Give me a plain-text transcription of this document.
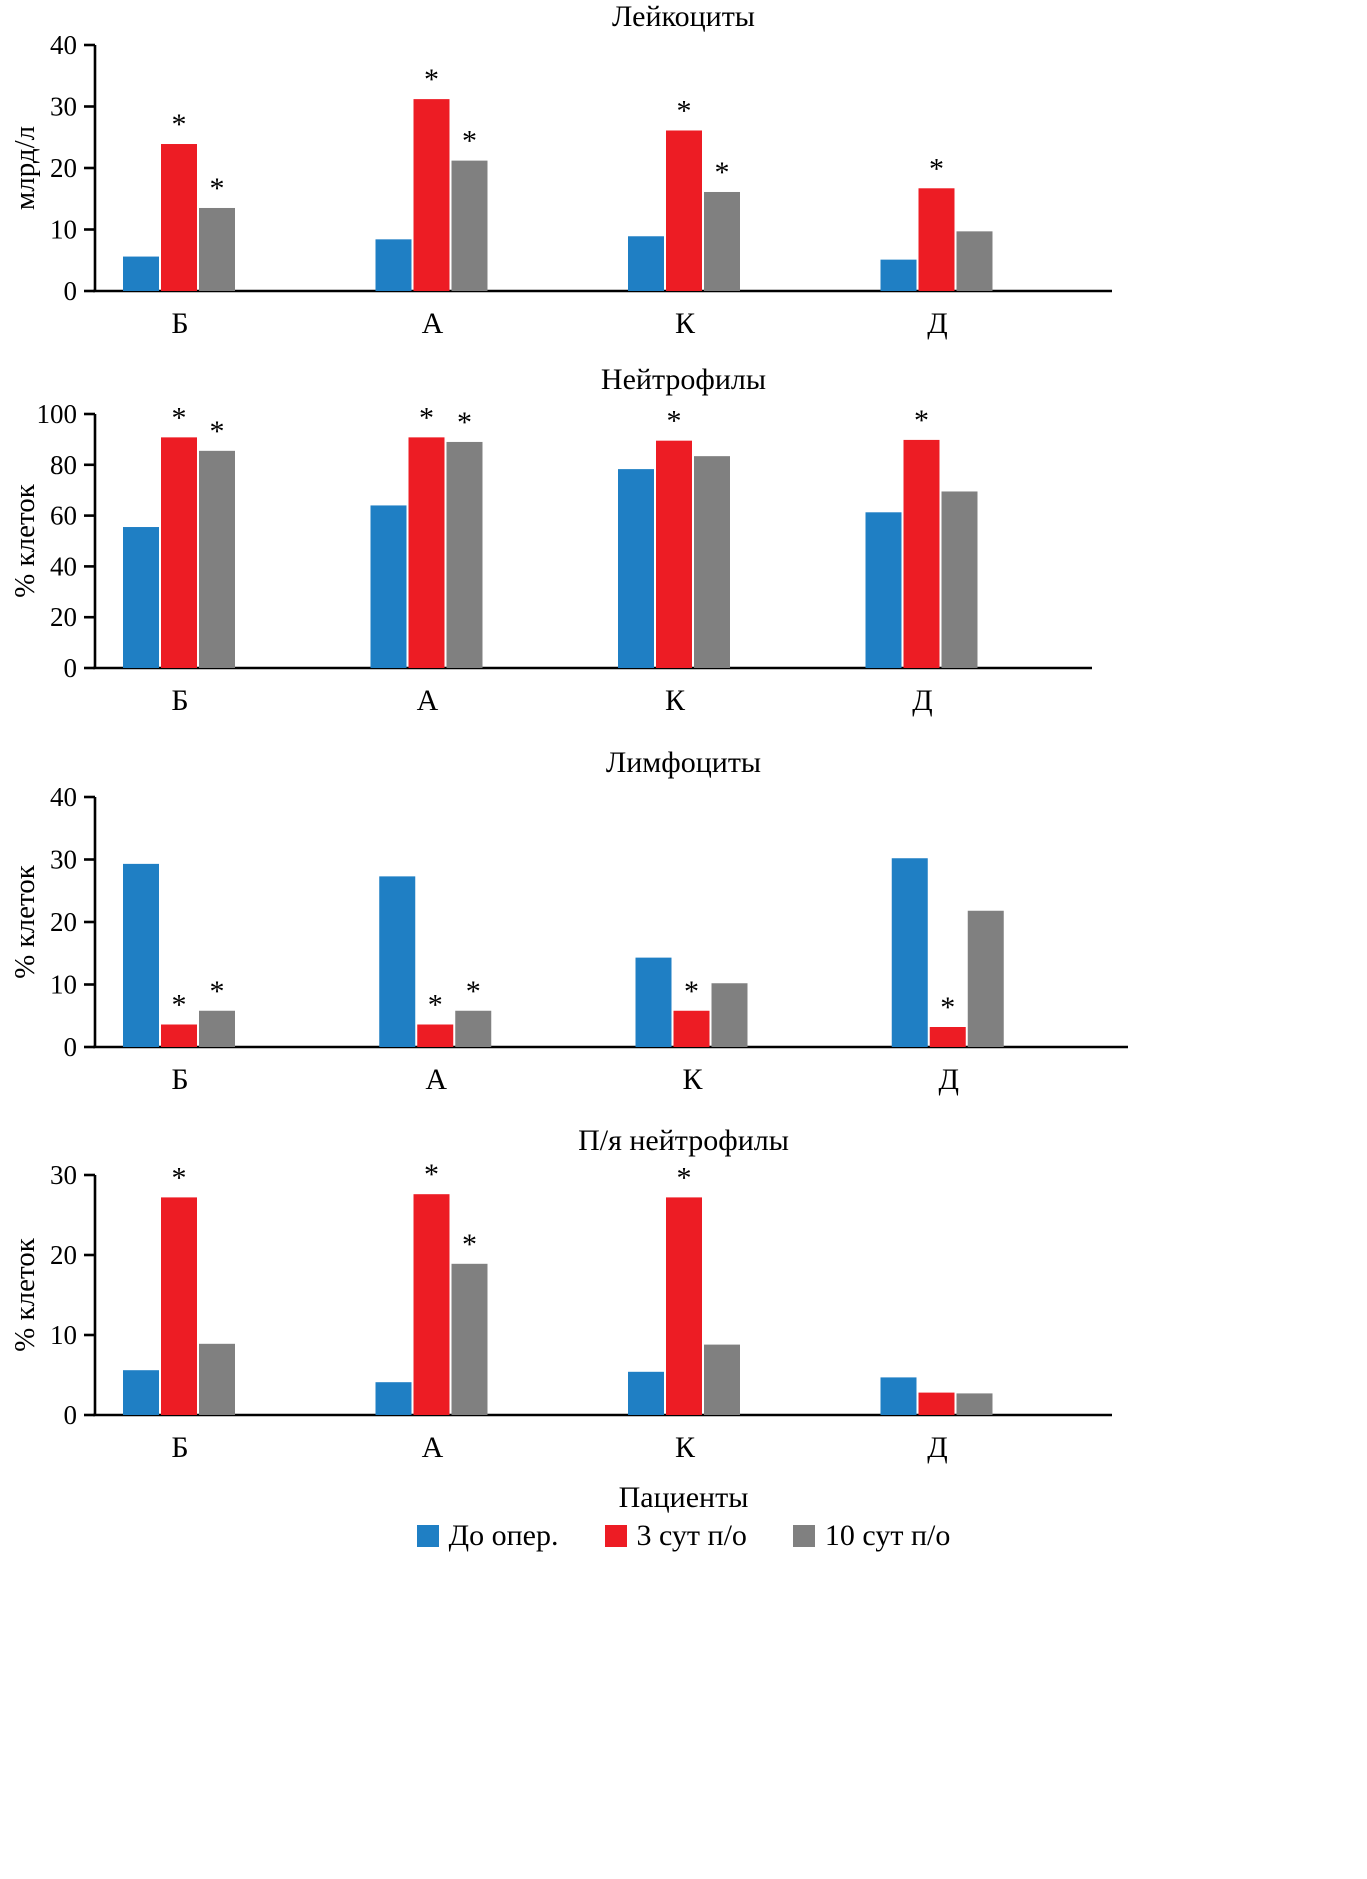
Лейкоциты
0
10
20
30
40
млрд/л
*
*
Б
*
*
А
*
*
К
*
Д
Нейтрофилы
0
20
40
60
80
100
% клеток
* *
Б
* *
А
*
К
*
Д
Лимфоциты
0
10
20
30
40
% клеток
* *
Б
* *
А
*
К
*
Д
П/я нейтрофилы
0
10
20
30
% клеток
*
Б
*
*
А
*
К	Д
Пациенты
До опер.	3 сут п/о	10 сут п/о
